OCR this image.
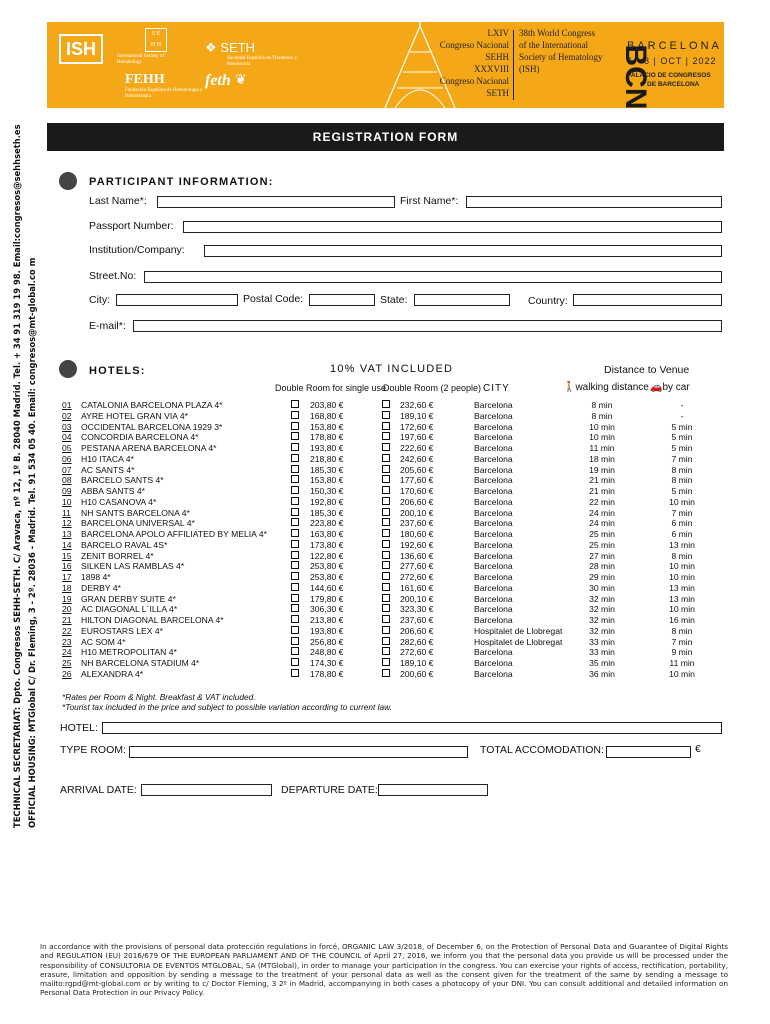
TECHNICAL SECRETARIAT: Dpto. Congresos SEHH-SETH. C/ Aravaca, nº 12, 1º B. 28040 Madrid. Tel. + 34 91 319 19 98. Email:congresos@sehhseth.es OFFICIAL HOUSING: MTGlobal C/ Dr. Fleming, 3 - 2º. 28036 - Madrid. Tel. 91 534 05 40. Email: congresos@mt-global.co m
ISH	International Society of Hematology
S E
H H
FEHH
Fundación Española de Hematología y Hemoterapia
❖ SETH
Sociedad Española de Trombosis y Hemostasia
feth ❦
LXIV
Congreso Nacional
SEHH
XXXVIII
Congreso Nacional
SETH
38th World Congress
of the International
Society of Hematology
(ISH)	BCN
BARCELONA
6 - 8 | OCT | 2022
PALACIO DE CONGRESOS
DE BARCELONA
REGISTRATION FORM
PARTICIPANT INFORMATION:
Last Name*:	First Name*:
Passport Number:
Institution/Company:
Street.No:
City:	Postal Code:	State:	Country:
E-mail*:
HOTELS:	10% VAT INCLUDED	Distance to Venue
Double Room for single use
Double Room (2 people) CITY	🚶walking distance 🚗by car
01 CATALONIA BARCELONA PLAZA 4*	203,80 €	232,60 €	Barcelona	8 min	-
02 AYRE HOTEL GRAN VIA 4*	168,80 €	189,10 €	Barcelona	8 min	-
03 OCCIDENTAL BARCELONA 1929 3*	153,80 €	172,60 €	Barcelona	10 min	5 min
04 CONCORDIA BARCELONA 4*	178,80 €	197,60 €	Barcelona	10 min	5 min
05 PESTANA ARENA BARCELONA 4*	193,80 €	222,60 €	Barcelona	11 min	5 min
06 H10 ITACA 4*	218,80 €	242,60 €	Barcelona	18 min	7 min
07 AC SANTS 4*	185,30 €	205,60 €	Barcelona	19 min	8 min
08 BARCELO SANTS 4*	153,80 €	177,60 €	Barcelona	21 min	8 min
09 ABBA SANTS 4*	150,30 €	170,60 €	Barcelona	21 min	5 min
10 H10 CASANOVA 4*	192,80 €	206,60 €	Barcelona	22 min	10 min
11 NH SANTS BARCELONA 4*	185,30 €	200,10 €	Barcelona	24 min	7 min
12 BARCELONA UNIVERSAL 4*	223,80 €	237,60 €	Barcelona	24 min	6 min
13 BARCELONA APOLO AFFILIATED BY MELIA 4*	163,80 €	180,60 €	Barcelona	25 min	6 min
14 BARCELO RAVAL 4S*	173,80 €	192,60 €	Barcelona	25 min	13 min
15 ZENIT BORREL 4*	122,80 €	136,60 €	Barcelona	27 min	8 min
16 SILKEN LAS RAMBLAS 4*	253,80 €	277,60 €	Barcelona	28 min	10 min
17 1898 4*	253,80 €	272,60 €	Barcelona	29 min	10 min
18 DERBY 4*	144,60 €	161,60 €	Barcelona	30 min	13 min
19 GRAN DERBY SUITE 4*	179,80 €	200,10 €	Barcelona	32 min	13 min
20 AC DIAGONAL L´ILLA 4*	306,30 €	323,30 €	Barcelona	32 min	10 min
21 HILTON DIAGONAL BARCELONA 4*	213,80 €	237,60 €	Barcelona	32 min	16 min
22 EUROSTARS LEX 4*	193,80 €	206,60 €	Hospitalet de Llobregat	32 min	8 min
23 AC SOM 4*	256,80 €	282,60 €	Hospitalet de Llobregat	33 min	7 min
24 H10 METROPOLITAN 4*	248,80 €	272,60 €	Barcelona	33 min	9 min
25 NH BARCELONA STADIUM 4*	174,30 €	189,10 €	Barcelona	35 min	11 min
26 ALEXANDRA 4*	178,80 €	200,60 €	Barcelona	36 min	10 min
*Rates per Room & Night. Breakfast & VAT included.
*Tourist tax included in the price and subject to possible variation according to current law.
HOTEL:
TYPE ROOM:	TOTAL ACCOMODATION:	€
ARRIVAL DATE:	DEPARTURE DATE:
In accordance with the provisions of personal data protección regulations in forcé, ORGANIC LAW 3/2018, of December 6, on the Protection of Personal Data and Guarantee of Digital Rights and REGULATION (EU) 2016/679 OF THE EUROPEAN PARLIAMENT AND OF THE COUNCIL of April 27, 2016, we inform you that the personal data you provide us will be processed under the responsibility of CONSULTORIA DE EVENTOS MTGLOBAL, SA (MTGlobal), in order to manage your participation in the congress. You can exercise your rights of access, rectification, portability, erasure, limitation and opposition by sending a message to the treatment of your personal data as well as the consent given for the treatment of the same by sending a message to mailto:rgpd@mt-global.com or by writing to c/ Doctor Fleming, 3 2º in Madrid, accompanying in both cases a photocopy of your DNI. You can consult additional and detailed information on Personal Data Protection in our Privacy Policy.
